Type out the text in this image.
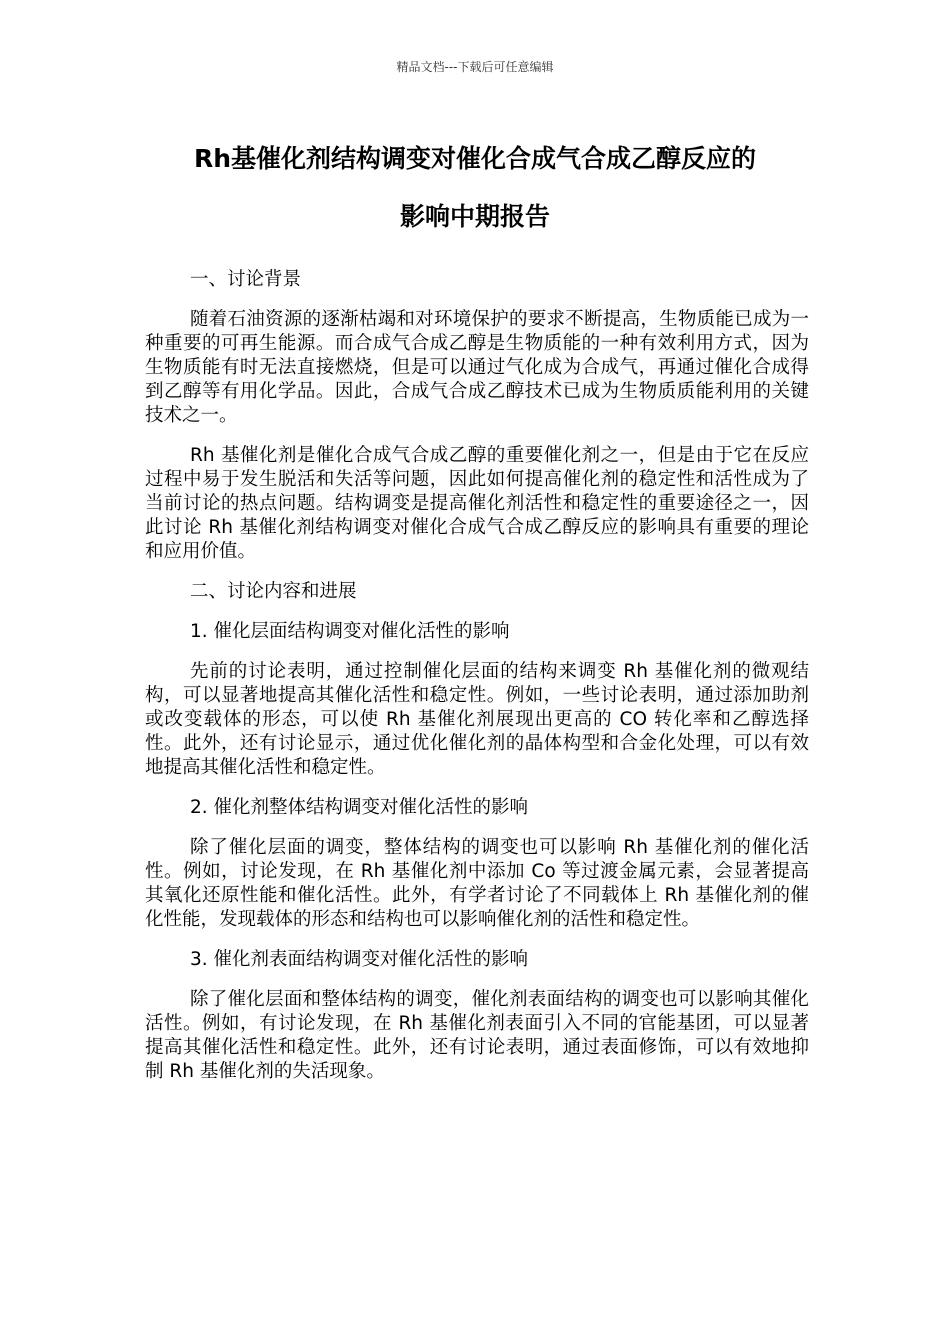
精品文档---下载后可任意编辑
Rh基催化剂结构调变对催化合成气合成乙醇反应的
影响中期报告
一、讨论背景

随着石油资源的逐渐枯竭和对环境保护的要求不断提高，生物质能已成为一种重要的可再生能源。而合成气合成乙醇是生物质能的一种有效利用方式，因为生物质能有时无法直接燃烧，但是可以通过气化成为合成气，再通过催化合成得到乙醇等有用化学品。因此，合成气合成乙醇技术已成为生物质质能利用的关键技术之一。

Rh 基催化剂是催化合成气合成乙醇的重要催化剂之一，但是由于它在反应过程中易于发生脱活和失活等问题，因此如何提高催化剂的稳定性和活性成为了当前讨论的热点问题。结构调变是提高催化剂活性和稳定性的重要途径之一，因此讨论 Rh 基催化剂结构调变对催化合成气合成乙醇反应的影响具有重要的理论和应用价值。

二、讨论内容和进展
1. 催化层面结构调变对催化活性的影响

先前的讨论表明，通过控制催化层面的结构来调变 Rh 基催化剂的微观结构，可以显著地提高其催化活性和稳定性。例如，一些讨论表明，通过添加助剂或改变载体的形态，可以使 Rh 基催化剂展现出更高的 CO 转化率和乙醇选择性。此外，还有讨论显示，通过优化催化剂的晶体构型和合金化处理，可以有效地提高其催化活性和稳定性。

2. 催化剂整体结构调变对催化活性的影响

除了催化层面的调变，整体结构的调变也可以影响 Rh 基催化剂的催化活性。例如，讨论发现，在 Rh 基催化剂中添加 Co 等过渡金属元素，会显著提高其氧化还原性能和催化活性。此外，有学者讨论了不同载体上 Rh 基催化剂的催化性能，发现载体的形态和结构也可以影响催化剂的活性和稳定性。

3. 催化剂表面结构调变对催化活性的影响

除了催化层面和整体结构的调变，催化剂表面结构的调变也可以影响其催化活性。例如，有讨论发现，在 Rh 基催化剂表面引入不同的官能基团，可以显著提高其催化活性和稳定性。此外，还有讨论表明，通过表面修饰，可以有效地抑制 Rh 基催化剂的失活现象。
